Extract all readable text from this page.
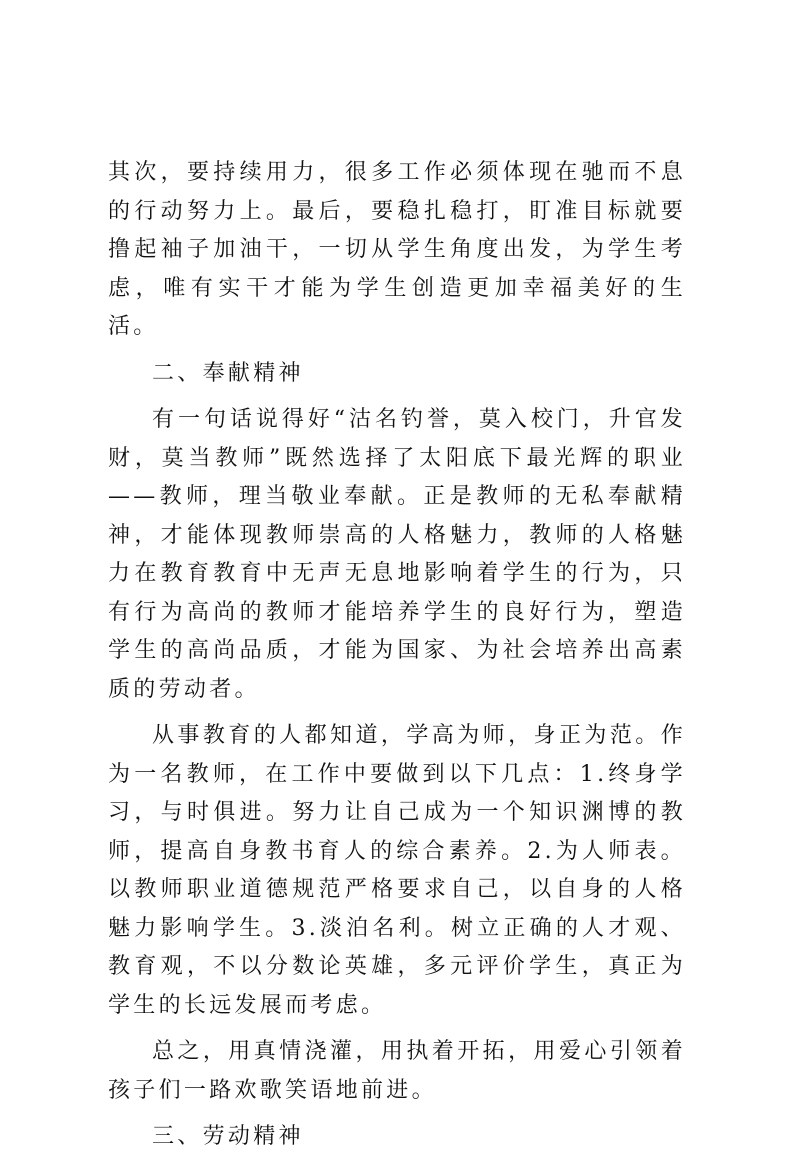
其次，要持续用力，很多工作必须体现在驰而不息的行动努力上。最后，要稳扎稳打，盯准目标就要撸起袖子加油干，一切从学生角度出发，为学生考虑，唯有实干才能为学生创造更加幸福美好的生活。

二、奉献精神

有一句话说得好“沽名钓誉，莫入校门，升官发财，莫当教师”既然选择了太阳底下最光辉的职业——教师，理当敬业奉献。正是教师的无私奉献精神，才能体现教师崇高的人格魅力，教师的人格魅力在教育教育中无声无息地影响着学生的行为，只有行为高尚的教师才能培养学生的良好行为，塑造学生的高尚品质，才能为国家、为社会培养出高素质的劳动者。

从事教育的人都知道，学高为师，身正为范。作为一名教师，在工作中要做到以下几点：1.终身学习，与时俱进。努力让自己成为一个知识渊博的教师，提高自身教书育人的综合素养。2.为人师表。以教师职业道德规范严格要求自己，以自身的人格魅力影响学生。3.淡泊名利。树立正确的人才观、教育观，不以分数论英雄，多元评价学生，真正为学生的长远发展而考虑。

总之，用真情浇灌，用执着开拓，用爱心引领着孩子们一路欢歌笑语地前进。

三、劳动精神
